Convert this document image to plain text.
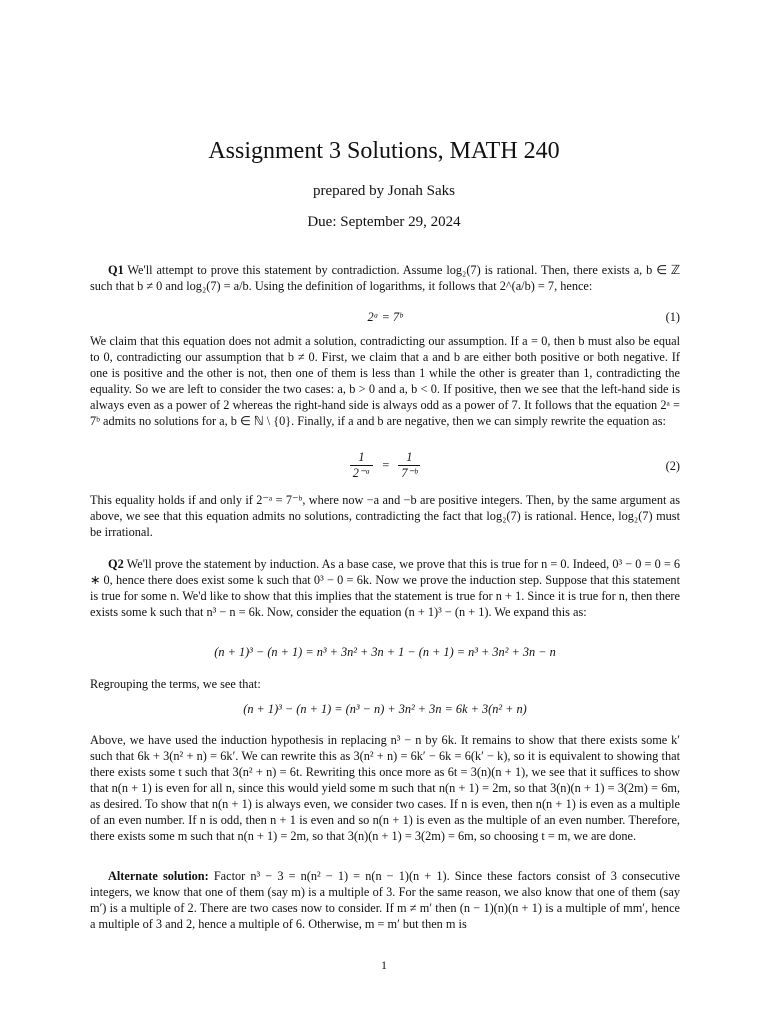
Assignment 3 Solutions, MATH 240
prepared by Jonah Saks
Due: September 29, 2024

Q1 We'll attempt to prove this statement by contradiction. Assume log₂(7) is rational. Then, there exists a, b ∈ ℤ such that b ≠ 0 and log₂(7) = a/b. Using the definition of logarithms, it follows that 2^(a/b) = 7, hence:

2ᵃ = 7ᵇ	(1)

We claim that this equation does not admit a solution, contradicting our assumption. If a = 0, then b must also be equal to 0, contradicting our assumption that b ≠ 0. First, we claim that a and b are either both positive or both negative. If one is positive and the other is not, then one of them is less than 1 while the other is greater than 1, contradicting the equality. So we are left to consider the two cases: a, b > 0 and a, b < 0. If positive, then we see that the left-hand side is always even as a power of 2 whereas the right-hand side is always odd as a power of 7. It follows that the equation 2ᵃ = 7ᵇ admits no solutions for a, b ∈ ℕ \ {0}. Finally, if a and b are negative, then we can simply rewrite the equation as:

$\frac{1}{\text{2⁻ᵃ}} = \frac{1}{\text{7⁻ᵇ}}$	(2)

This equality holds if and only if 2⁻ᵃ = 7⁻ᵇ, where now −a and −b are positive integers. Then, by the same argument as above, we see that this equation admits no solutions, contradicting the fact that log₂(7) is rational. Hence, log₂(7) must be irrational.

Q2 We'll prove the statement by induction. As a base case, we prove that this is true for n = 0. Indeed, 0³ − 0 = 0 = 6 ∗ 0, hence there does exist some k such that 0³ − 0 = 6k. Now we prove the induction step. Suppose that this statement is true for some n. We'd like to show that this implies that the statement is true for n + 1. Since it is true for n, then there exists some k such that n³ − n = 6k. Now, consider the equation (n + 1)³ − (n + 1). We expand this as:

(n + 1)³ − (n + 1) = n³ + 3n² + 3n + 1 − (n + 1) = n³ + 3n² + 3n − n

Regrouping the terms, we see that:

(n + 1)³ − (n + 1) = (n³ − n) + 3n² + 3n = 6k + 3(n² + n)

Above, we have used the induction hypothesis in replacing n³ − n by 6k. It remains to show that there exists some k′ such that 6k + 3(n² + n) = 6k′. We can rewrite this as 3(n² + n) = 6k′ − 6k = 6(k′ − k), so it is equivalent to showing that there exists some t such that 3(n² + n) = 6t. Rewriting this once more as 6t = 3(n)(n + 1), we see that it suffices to show that n(n + 1) is even for all n, since this would yield some m such that n(n + 1) = 2m, so that 3(n)(n + 1) = 3(2m) = 6m, as desired. To show that n(n + 1) is always even, we consider two cases. If n is even, then n(n + 1) is even as a multiple of an even number. If n is odd, then n + 1 is even and so n(n + 1) is even as the multiple of an even number. Therefore, there exists some m such that n(n + 1) = 2m, so that 3(n)(n + 1) = 3(2m) = 6m, so choosing t = m, we are done.

Alternate solution: Factor n³ − 3 = n(n² − 1) = n(n − 1)(n + 1). Since these factors consist of 3 consecutive integers, we know that one of them (say m) is a multiple of 3. For the same reason, we also know that one of them (say m′) is a multiple of 2. There are two cases now to consider. If m ≠ m′ then (n − 1)(n)(n + 1) is a multiple of mm′, hence a multiple of 3 and 2, hence a multiple of 6. Otherwise, m = m′ but then m is

1
